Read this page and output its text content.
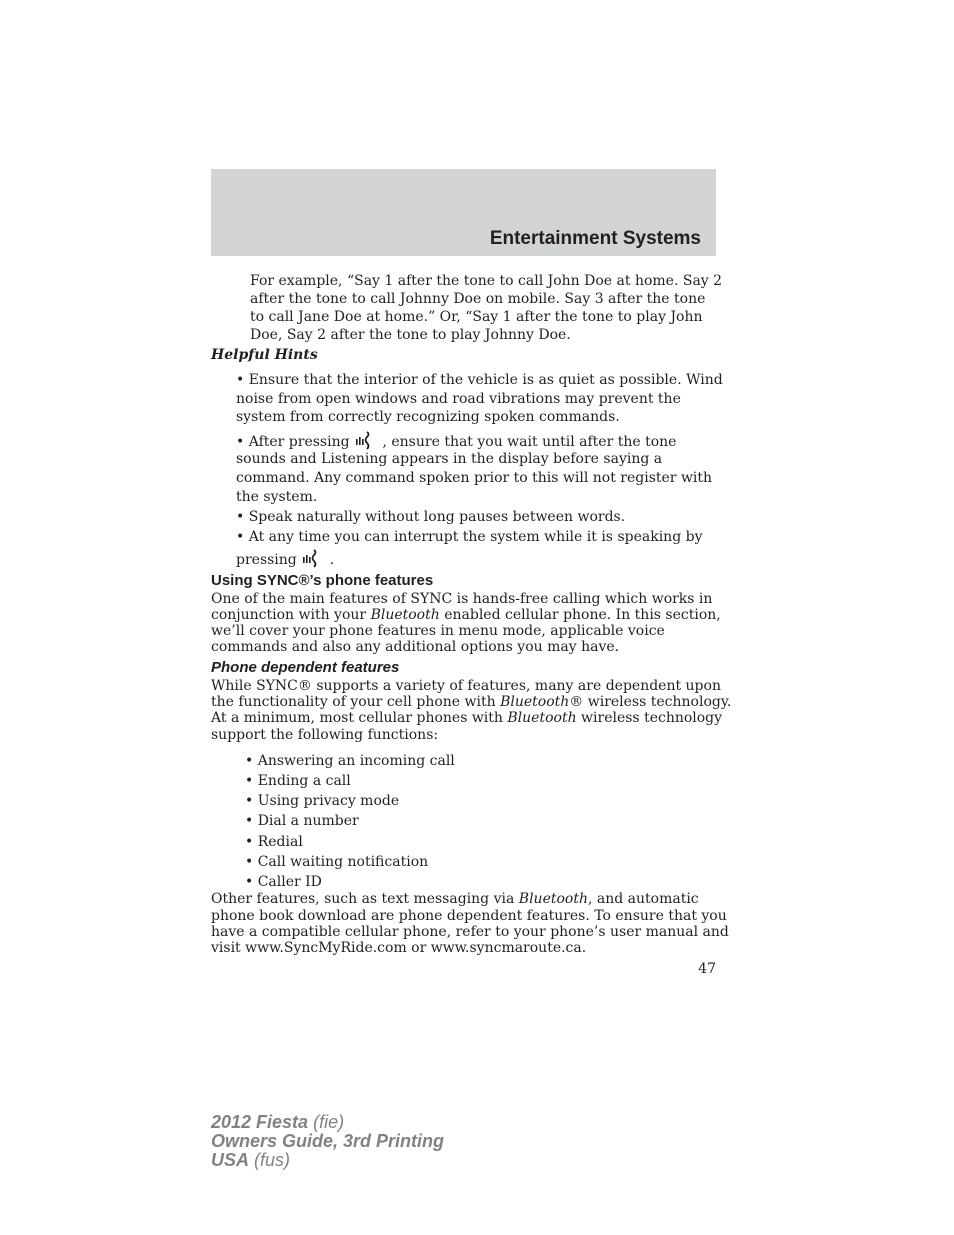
Entertainment Systems
For example, “Say 1 after the tone to call John Doe at home. Say 2
after the tone to call Johnny Doe on mobile. Say 3 after the tone
to call Jane Doe at home.” Or, “Say 1 after the tone to play John
Doe, Say 2 after the tone to play Johnny Doe.
Helpful Hints
• Ensure that the interior of the vehicle is as quiet as possible. Wind
noise from open windows and road vibrations may prevent the
system from correctly recognizing spoken commands.
• After pressing , ensure that you wait until after the tone
sounds and Listening appears in the display before saying a
command. Any command spoken prior to this will not register with
the system.
• Speak naturally without long pauses between words.
• At any time you can interrupt the system while it is speaking by
pressing .
Using SYNC®’s phone features
One of the main features of SYNC is hands-free calling which works in
conjunction with your Bluetooth enabled cellular phone. In this section,
we’ll cover your phone features in menu mode, applicable voice
commands and also any additional options you may have.
Phone dependent features
While SYNC® supports a variety of features, many are dependent upon
the functionality of your cell phone with Bluetooth® wireless technology.
At a minimum, most cellular phones with Bluetooth wireless technology
support the following functions:
• Answering an incoming call
• Ending a call
• Using privacy mode
• Dial a number
• Redial
• Call waiting notification
• Caller ID
Other features, such as text messaging via Bluetooth, and automatic
phone book download are phone dependent features. To ensure that you
have a compatible cellular phone, refer to your phone’s user manual and
visit www.SyncMyRide.com or www.syncmaroute.ca.
47
2012 Fiesta (fie)
Owners Guide, 3rd Printing
USA (fus)
